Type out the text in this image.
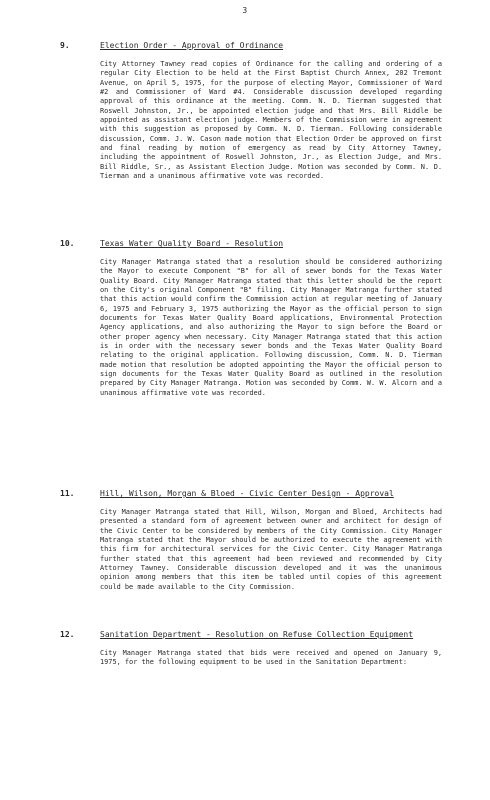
3
9.	Election Order - Approval of Ordinance
City Attorney Tawney read copies of Ordinance for the calling and ordering of a regular City Election to be held at the First Baptist Church Annex, 202 Tremont Avenue, on April 5, 1975, for the purpose of electing Mayor, Commissioner of Ward #2 and Commissioner of Ward #4. Considerable discussion developed regarding approval of this ordinance at the meeting. Comm. N. D. Tierman suggested that Roswell Johnston, Jr., be appointed election judge and that Mrs. Bill Riddle be appointed as assistant election judge. Members of the Commission were in agreement with this suggestion as proposed by Comm. N. D. Tierman. Following considerable discussion, Comm. J. W. Cason made motion that Election Order be approved on first and final reading by motion of emergency as read by City Attorney Tawney, including the appointment of Roswell Johnston, Jr., as Election Judge, and Mrs. Bill Riddle, Sr., as Assistant Election Judge. Motion was seconded by Comm. N. D. Tierman and a unanimous affirmative vote was recorded.
10.	Texas Water Quality Board - Resolution
City Manager Matranga stated that a resolution should be considered authorizing the Mayor to execute Component "B" for all of sewer bonds for the Texas Water Quality Board. City Manager Matranga stated that this letter should be the report on the City's original Component "B" filing. City Manager Matranga further stated that this action would confirm the Commission action at regular meeting of January 6, 1975 and February 3, 1975 authorizing the Mayor as the official person to sign documents for Texas Water Quality Board applications, Environmental Protection Agency applications, and also authorizing the Mayor to sign before the Board or other proper agency when necessary. City Manager Matranga stated that this action is in order with the necessary sewer bonds and the Texas Water Quality Board relating to the original application. Following discussion, Comm. N. D. Tierman made motion that resolution be adopted appointing the Mayor the official person to sign documents for the Texas Water Quality Board as outlined in the resolution prepared by City Manager Matranga. Motion was seconded by Comm. W. W. Alcorn and a unanimous affirmative vote was recorded.
11.	Hill, Wilson, Morgan & Bloed - Civic Center Design - Approval
City Manager Matranga stated that Hill, Wilson, Morgan and Bloed, Architects had presented a standard form of agreement between owner and architect for design of the Civic Center to be considered by members of the City Commission. City Manager Matranga stated that the Mayor should be authorized to execute the agreement with this firm for architectural services for the Civic Center. City Manager Matranga further stated that this agreement had been reviewed and recommended by City Attorney Tawney. Considerable discussion developed and it was the unanimous opinion among members that this item be tabled until copies of this agreement could be made available to the City Commission.
12.	Sanitation Department - Resolution on Refuse Collection Equipment
City Manager Matranga stated that bids were received and opened on January 9, 1975, for the following equipment to be used in the Sanitation Department:
